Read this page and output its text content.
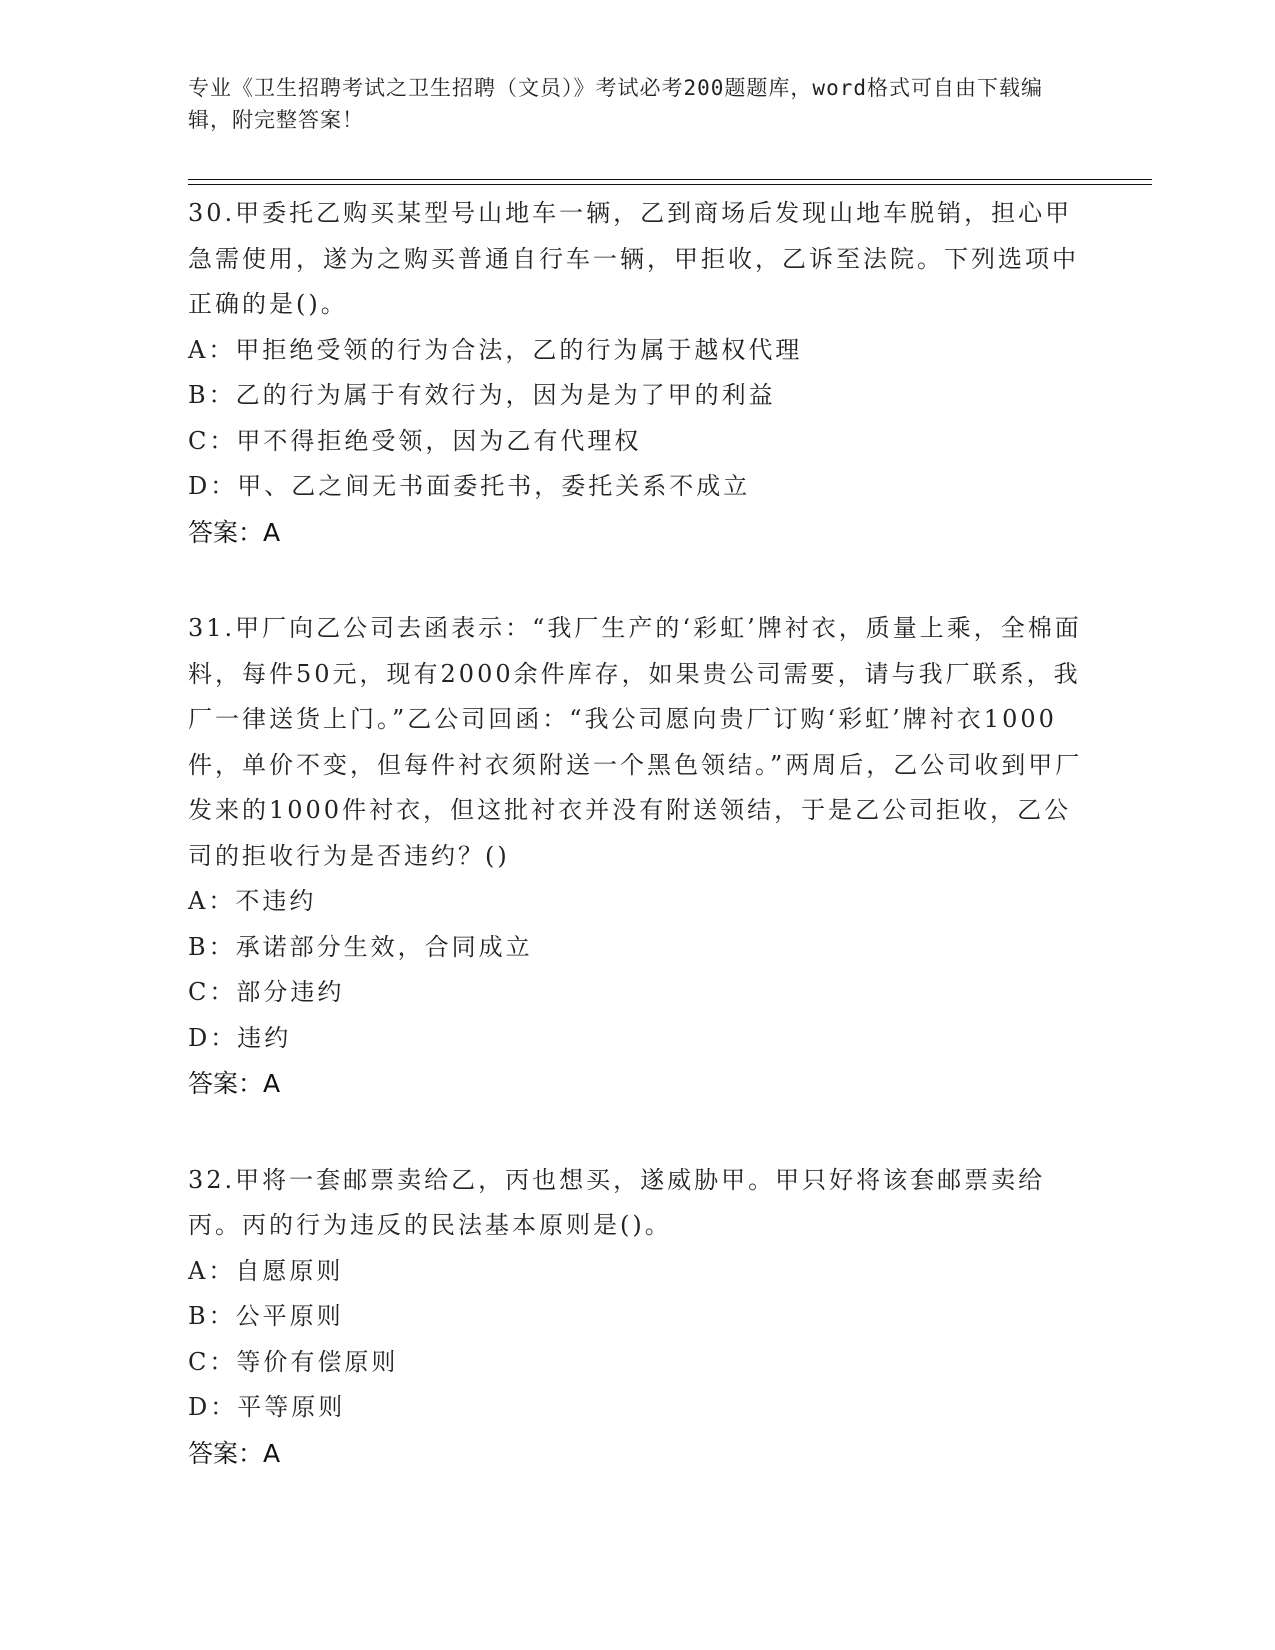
专业《卫生招聘考试之卫生招聘（文员）》考试必考200题题库，word格式可自由下载编辑，附完整答案！

30.甲委托乙购买某型号山地车一辆，乙到商场后发现山地车脱销，担心甲急需使用，遂为之购买普通自行车一辆，甲拒收，乙诉至法院。下列选项中正确的是()。

A：甲拒绝受领的行为合法，乙的行为属于越权代理

B：乙的行为属于有效行为，因为是为了甲的利益

C：甲不得拒绝受领，因为乙有代理权

D：甲、乙之间无书面委托书，委托关系不成立

答案：A

31.甲厂向乙公司去函表示：“我厂生产的‘彩虹’牌衬衣，质量上乘，全棉面料，每件50元，现有2000余件库存，如果贵公司需要，请与我厂联系，我厂一律送货上门。”乙公司回函：“我公司愿向贵厂订购‘彩虹’牌衬衣1000件，单价不变，但每件衬衣须附送一个黑色领结。”两周后，乙公司收到甲厂发来的1000件衬衣，但这批衬衣并没有附送领结，于是乙公司拒收，乙公司的拒收行为是否违约？()

A：不违约

B：承诺部分生效，合同成立

C：部分违约

D：违约

答案：A

32.甲将一套邮票卖给乙，丙也想买，遂威胁甲。甲只好将该套邮票卖给丙。丙的行为违反的民法基本原则是()。

A：自愿原则

B：公平原则

C：等价有偿原则

D：平等原则

答案：A
